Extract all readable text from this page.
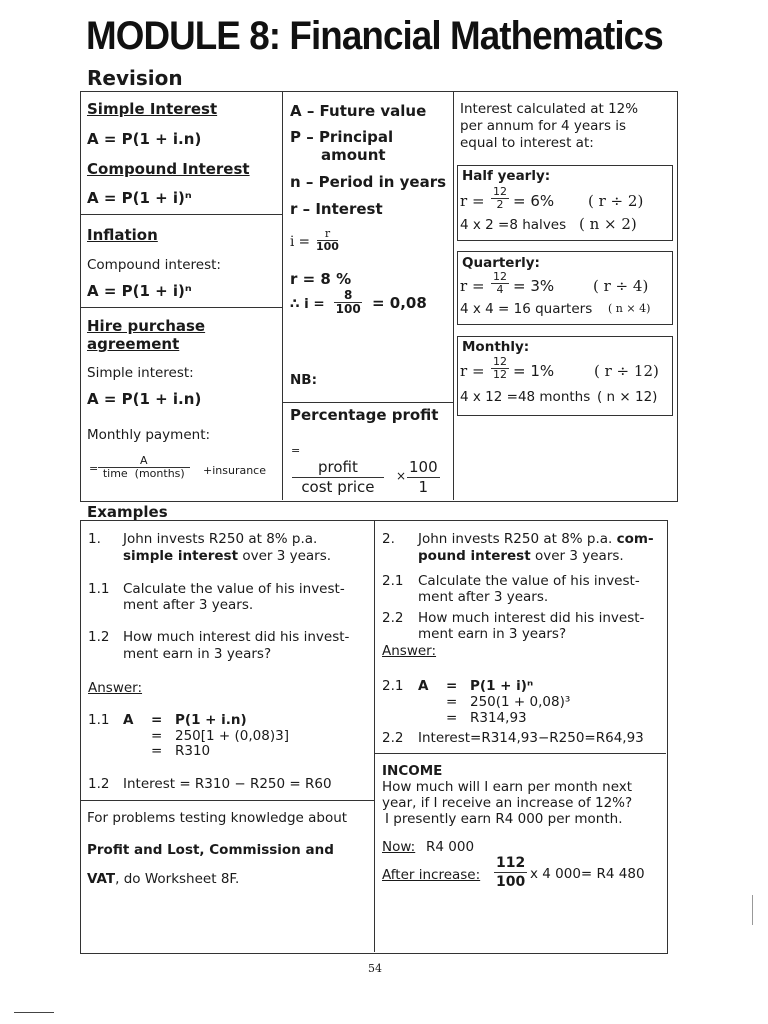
MODULE 8: Financial Mathematics
Revision
Simple Interest
A = P(1 + i.n)
Compound Interest
A = P(1 + i)ⁿ
Inflation
Compound interest:
A = P(1 + i)ⁿ
Hire purchase
agreement
Simple interest:
A = P(1 + i.n)
Monthly payment:
=
A
time  (months) +insurance
A – Future value
P – Principal
amount
n – Period in years
r – Interest
$i = \frac{r}{100}$
r = 8 %
∴ $i = \frac{8}{100} = 0,08$
NB:
Percentage profit
=
profit
cost price
× $\frac{100}{1}$
Interest calculated at 12%
per annum for 4 years is
equal to interest at:
Half yearly:
$r = \frac{12}{2} = 6\%$ ( r ÷ 2)
4 x 2 =8 halves ( n × 2)
Quarterly:
$r = \frac{12}{4} = 3\%$	( r ÷ 4)
4 x 4 = 16 quarters ( n × 4)
Monthly:
$r = \frac{12}{12} = 1\%$	( r ÷ 12)
4 x 12 =48 months ( n × 12)
Examples
1. John invests R250 at 8% p.a.
simple interest over 3 years.
1.1 Calculate the value of his invest-
ment after 3 years.
1.2 How much interest did his invest-
ment earn in 3 years?
Answer:
1.1 A = P(1 + i.n)
= 250[1 + (0,08)3]
= R310
1.2 Interest = R310 − R250 = R60
For problems testing knowledge about
Profit and Lost, Commission and
VAT, do Worksheet 8F.
2. John invests R250 at 8% p.a. com-
pound interest over 3 years.
2.1 Calculate the value of his invest-
ment after 3 years.
2.2 How much interest did his invest-
ment earn in 3 years?
Answer:
2.1 A = P(1 + i)ⁿ
= 250(1 + 0,08)³
= R314,93
2.2 Interest=R314,93−R250=R64,93
INCOME
How much will I earn per month next
year, if I receive an increase of 12%?
I presently earn R4 000 per month.
Now: R4 000
After increase: $\frac{112}{100}$ x 4 000= R4 480
54
